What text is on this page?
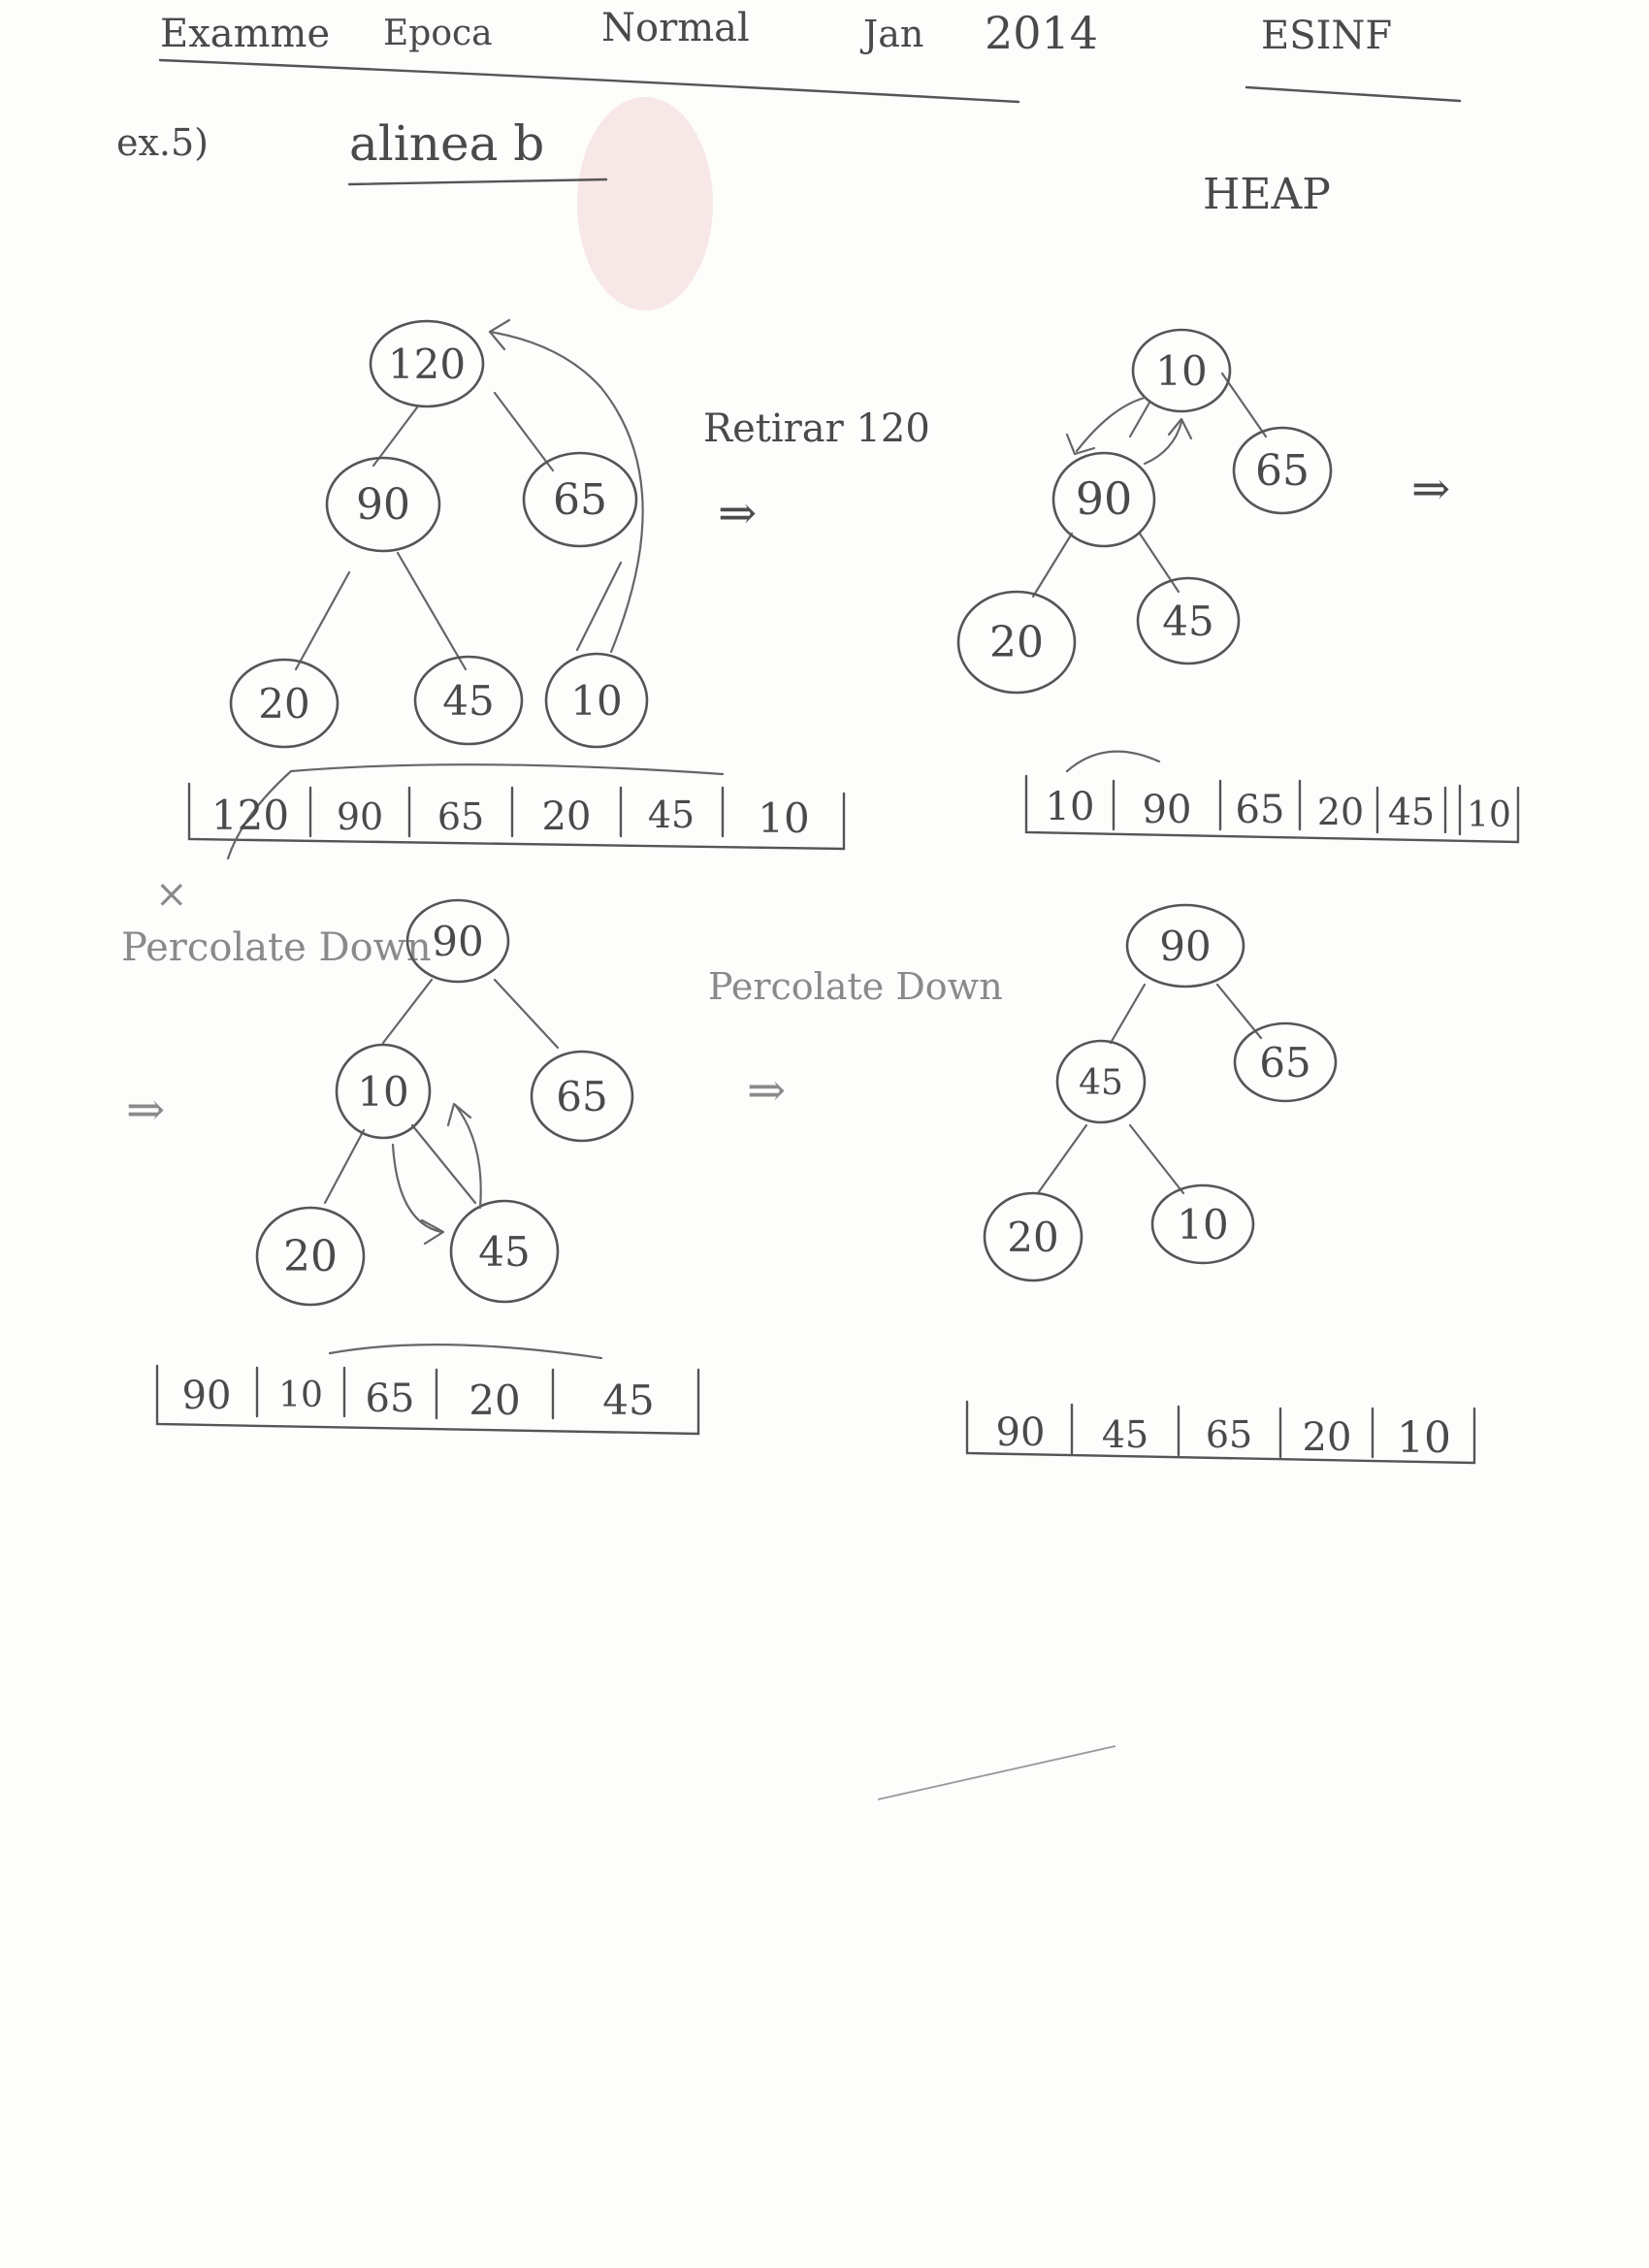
Examme Epoca	Normal	Jan 2014	ESINF
ex.5)	alinea b
HEAP
120
90	65
20	45 10
Retirar 120
⇒
120 90 65 20 45 10
10
90
65
20	45
⇒
10 90 65 20 45 10
×
Percolate Down
⇒
90
10	65
20	45
Percolate Down
⇒
90 10 65 20 45
90
45	65
20	10
90 45 65 20 10
